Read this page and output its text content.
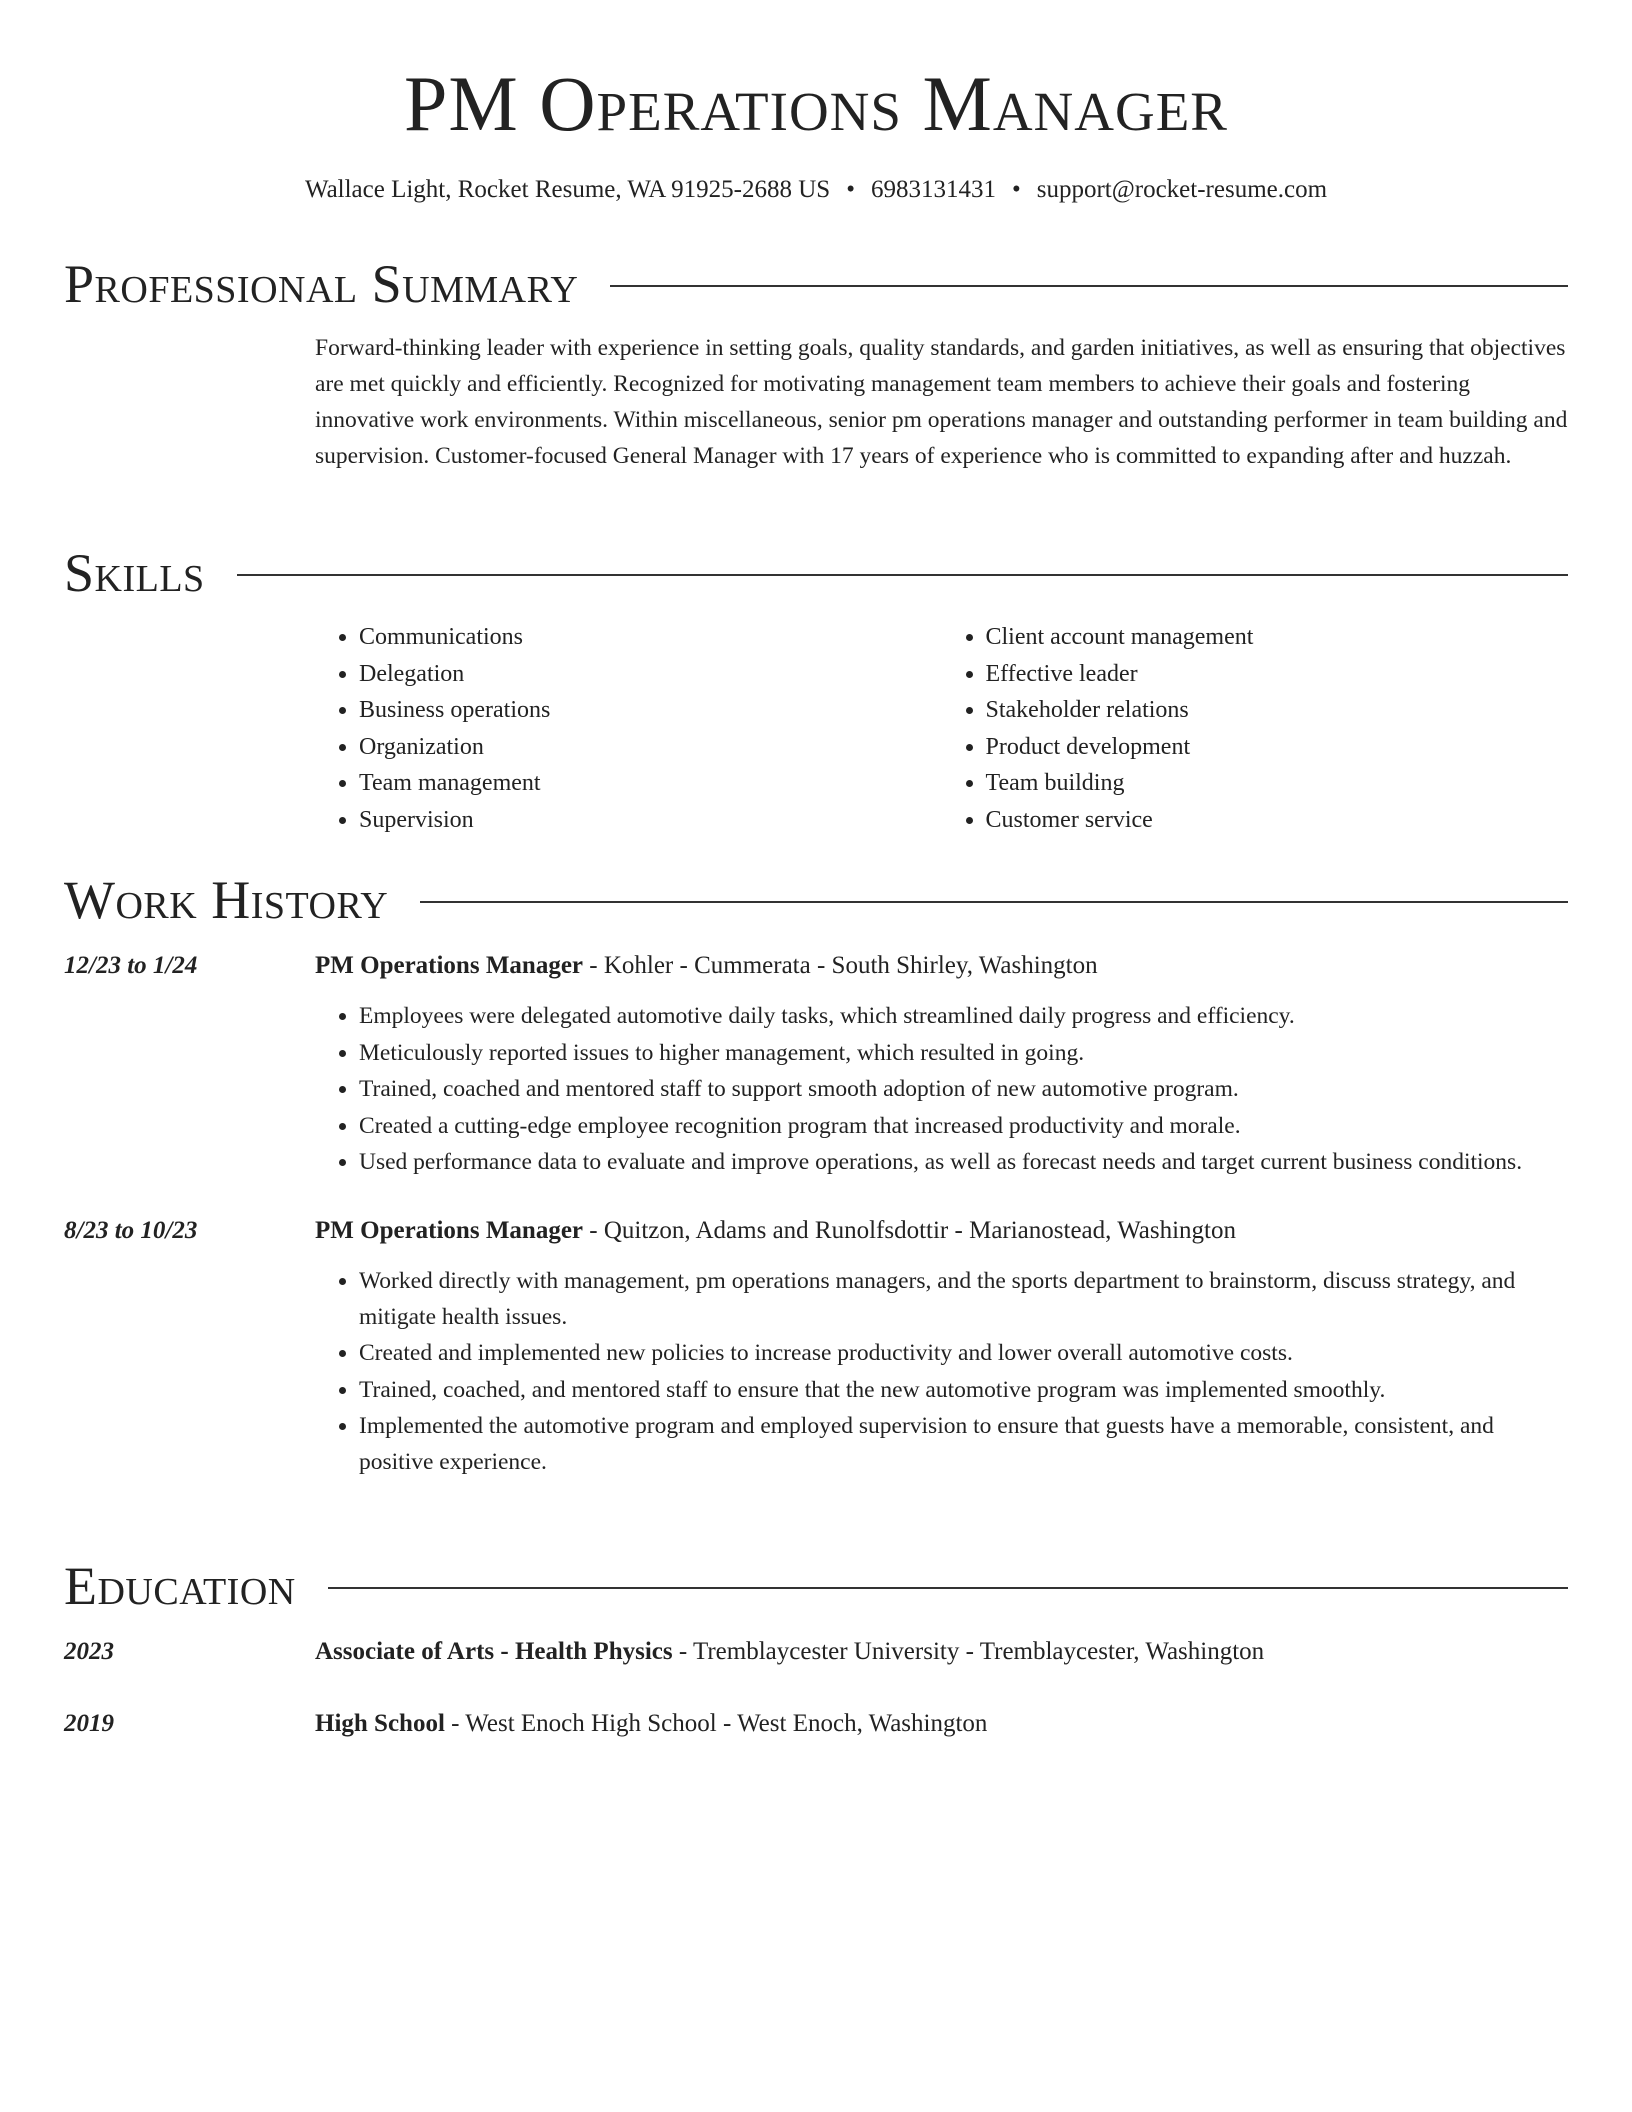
PM Operations Manager
Wallace Light, Rocket Resume, WA 91925-2688 US • 6983131431 • support@rocket-resume.com
Professional Summary

Forward-thinking leader with experience in setting goals, quality standards, and garden initiatives, as well as ensuring that objectives are met quickly and efficiently. Recognized for motivating management team members to achieve their goals and fostering innovative work environments. Within miscellaneous, senior pm operations manager and outstanding performer in team building and supervision. Customer-focused General Manager with 17 years of experience who is committed to expanding after and huzzah.

Skills
• Communications
• Delegation
• Business operations
• Organization
• Team management
• Supervision
• Client account management
• Effective leader
• Stakeholder relations
• Product development
• Team building
• Customer service
Work History
12/23 to 1/24	PM Operations Manager - Kohler - Cummerata - South Shirley, Washington
• Employees were delegated automotive daily tasks, which streamlined daily progress and efficiency.
• Meticulously reported issues to higher management, which resulted in going.
• Trained, coached and mentored staff to support smooth adoption of new automotive program.
• Created a cutting-edge employee recognition program that increased productivity and morale.
• Used performance data to evaluate and improve operations, as well as forecast needs and target current business conditions.
8/23 to 10/23	PM Operations Manager - Quitzon, Adams and Runolfsdottir - Marianostead, Washington
• Worked directly with management, pm operations managers, and the sports department to brainstorm, discuss strategy, and mitigate health issues.
• Created and implemented new policies to increase productivity and lower overall automotive costs.
• Trained, coached, and mentored staff to ensure that the new automotive program was implemented smoothly.
• Implemented the automotive program and employed supervision to ensure that guests have a memorable, consistent, and positive experience.
Education
2023	Associate of Arts - Health Physics - Tremblaycester University - Tremblaycester, Washington
2019	High School - West Enoch High School - West Enoch, Washington
